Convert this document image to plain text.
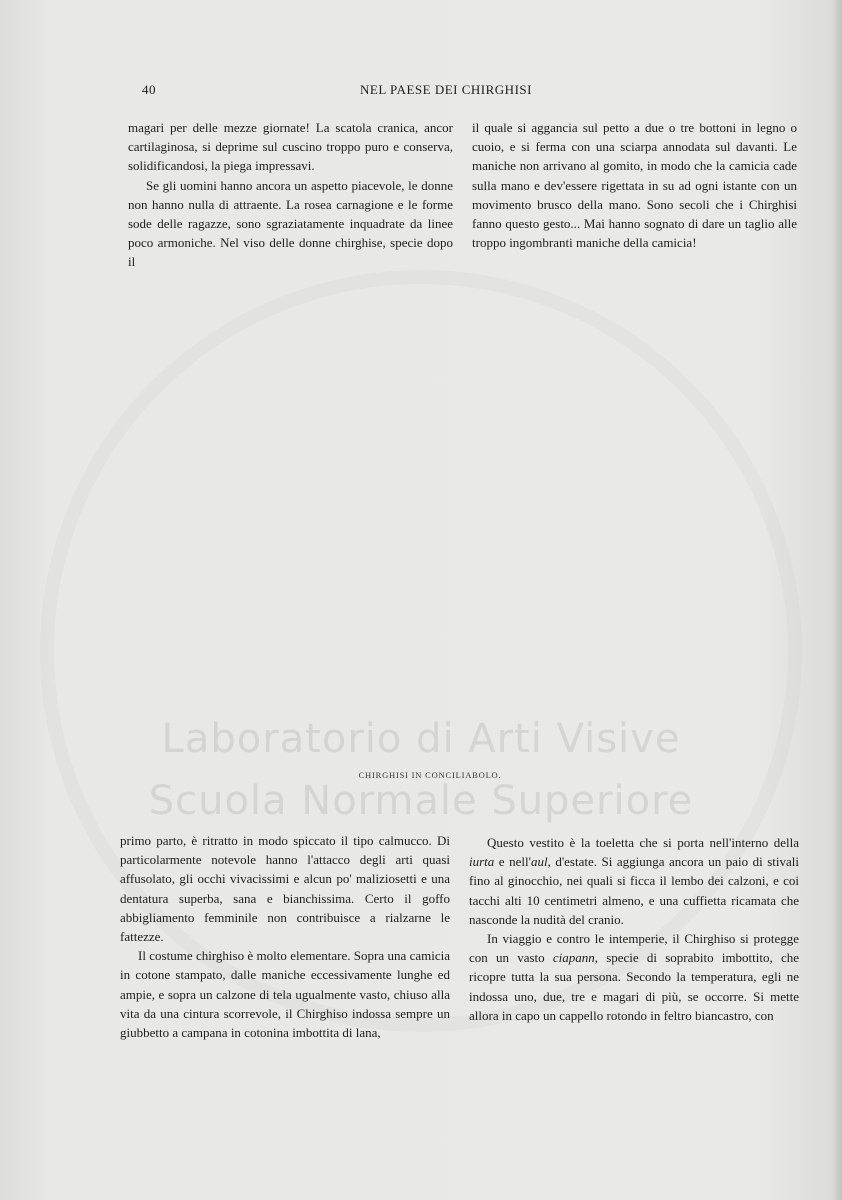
40	NEL PAESE DEI CHIRGHISI

magari per delle mezze giornate! La scatola cranica, ancor cartilaginosa, si deprime sul cuscino troppo puro e conserva, solidificandosi, la piega impressavi.

Se gli uomini hanno ancora un aspetto piacevole, le donne non hanno nulla di attraente. La rosea carnagione e le forme sode delle ragazze, sono sgraziatamente inquadrate da linee poco armoniche. Nel viso delle donne chirghise, specie dopo il

il quale si aggancia sul petto a due o tre bottoni in legno o cuoio, e si ferma con una sciarpa annodata sul davanti. Le maniche non arrivano al gomito, in modo che la camicia cade sulla mano e dev'essere rigettata in su ad ogni istante con un movimento brusco della mano. Sono secoli che i Chirghisi fanno questo gesto... Mai hanno sognato di dare un taglio alle troppo ingombranti maniche della camicia!

CHIRGHISI IN CONCILIABOLO.
Laboratorio di Arti Visive
Scuola Normale Superiore

primo parto, è ritratto in modo spiccato il tipo calmucco. Di particolarmente notevole hanno l'attacco degli arti quasi affusolato, gli occhi vivacissimi e alcun po' maliziosetti e una dentatura superba, sana e bianchissima. Certo il goffo abbigliamento femminile non contribuisce a rialzarne le fattezze.

Il costume chirghiso è molto elementare. Sopra una camicia in cotone stampato, dalle maniche eccessivamente lunghe ed ampie, e sopra un calzone di tela ugualmente vasto, chiuso alla vita da una cintura scorrevole, il Chirghiso indossa sempre un giubbetto a campana in cotonina imbottita di lana,

Questo vestito è la toeletta che si porta nell'interno della iurta e nell'aul, d'estate. Si aggiunga ancora un paio di stivali fino al ginocchio, nei quali si ficca il lembo dei calzoni, e coi tacchi alti 10 centimetri almeno, e una cuffietta ricamata che nasconde la nudità del cranio.

In viaggio e contro le intemperie, il Chirghiso si protegge con un vasto ciapann, specie di soprabito imbottito, che ricopre tutta la sua persona. Secondo la temperatura, egli ne indossa uno, due, tre e magari di più, se occorre. Si mette allora in capo un cappello rotondo in feltro biancastro, con
